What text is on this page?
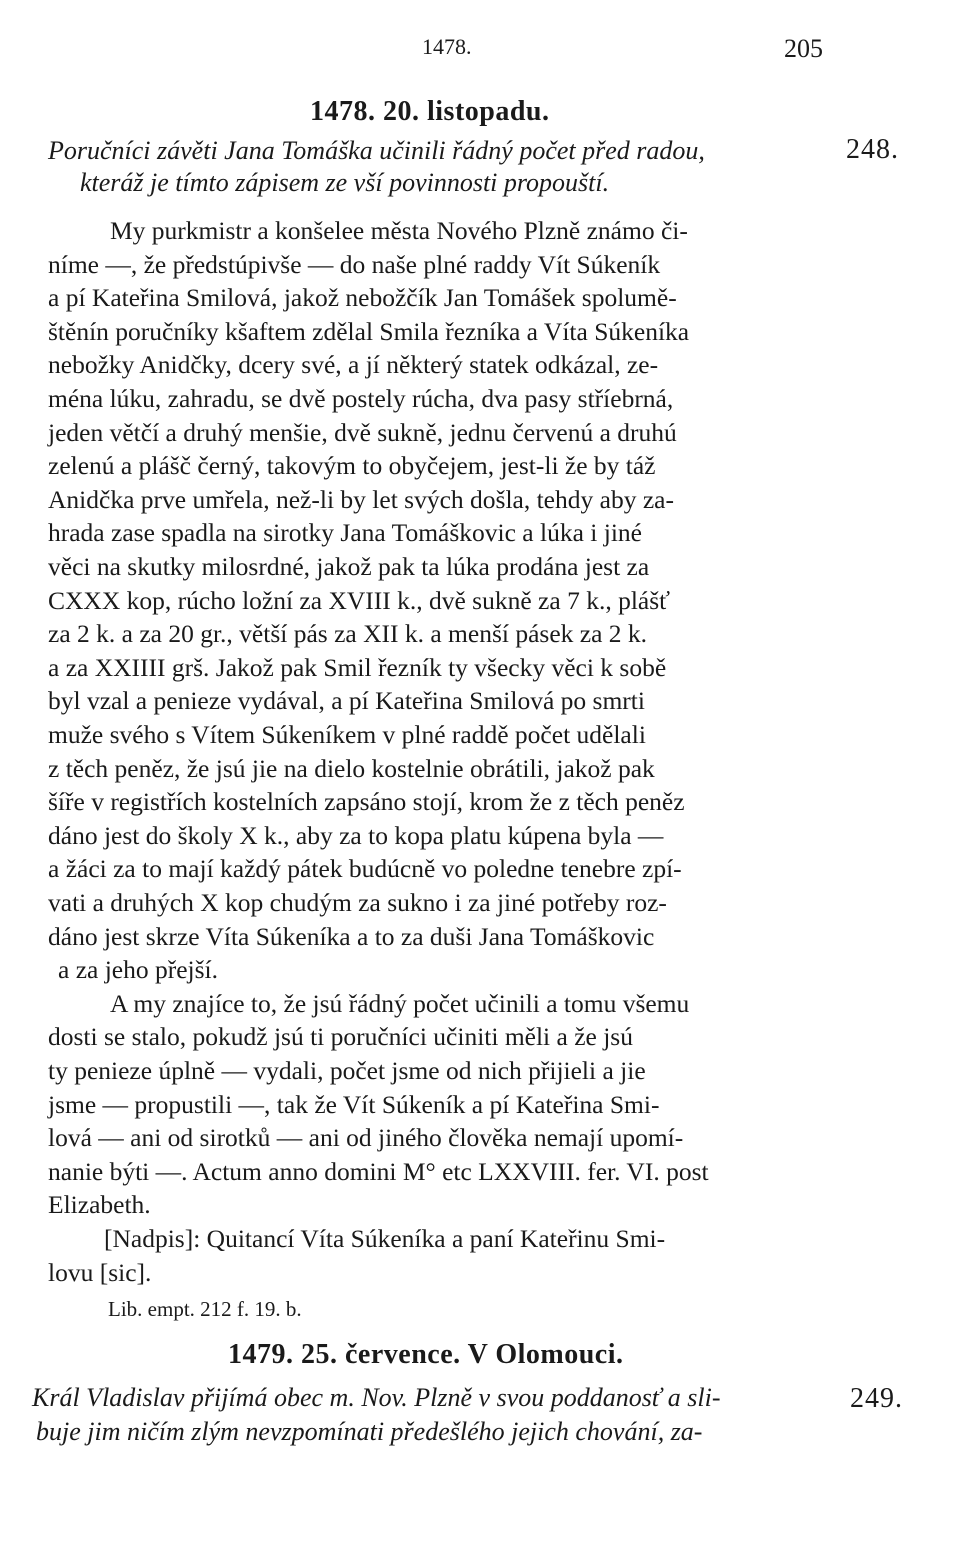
1478.	205
1478. 20. listopadu.
248.
Poručníci závěti Jana Tomáška učinili řádný počet před radou,
kteráž je tímto zápisem ze vší povinnosti propouští.
My purkmistr a konšelee města Nového Plzně známo či-
níme —, že předstúpivše — do naše plné raddy Vít Súkeník
a pí Kateřina Smilová, jakož nebožčík Jan Tomášek spolumě-
štěnín poručníky kšaftem zdělal Smila řezníka a Víta Súkeníka
nebožky Anidčky, dcery své, a jí některý statek odkázal, ze-
ména lúku, zahradu, se dvě postely rúcha, dva pasy stříebrná,
jeden větčí a druhý menšie, dvě sukně, jednu červenú a druhú
zelenú a plášč černý, takovým to obyčejem, jest-li že by táž
Anidčka prve umřela, než-li by let svých došla, tehdy aby za-
hrada zase spadla na sirotky Jana Tomáškovic a lúka i jiné
věci na skutky milosrdné, jakož pak ta lúka prodána jest za
CXXX kop, rúcho ložní za XVIII k., dvě sukně za 7 k., plášť
za 2 k. a za 20 gr., větší pás za XII k. a menší pásek za 2 k.
a za XXIIII grš. Jakož pak Smil řezník ty všecky věci k sobě
byl vzal a penieze vydával, a pí Kateřina Smilová po smrti
muže svého s Vítem Súkeníkem v plné raddě počet udělali
z těch peněz, že jsú jie na dielo kostelnie obrátili, jakož pak
šíře v registřích kostelních zapsáno stojí, krom že z těch peněz
dáno jest do školy X k., aby za to kopa platu kúpena byla —
a žáci za to mají každý pátek budúcně vo poledne tenebre zpí-
vati a druhých X kop chudým za sukno i za jiné potřeby roz-
dáno jest skrze Víta Súkeníka a to za duši Jana Tomáškovic
a za jeho přejší.
A my znajíce to, že jsú řádný počet učinili a tomu všemu
dosti se stalo, pokudž jsú ti poručníci učiniti měli a že jsú
ty penieze úplně — vydali, počet jsme od nich přijieli a jie
jsme — propustili —, tak že Vít Súkeník a pí Kateřina Smi-
lová — ani od sirotků — ani od jiného člověka nemají upomí-
nanie býti —. Actum anno domini M° etc LXXVIII. fer. VI. post
Elizabeth.
[Nadpis]: Quitancí Víta Súkeníka a paní Kateřinu Smi-
lovu [sic].
1479. 25. července. V Olomouci.
249.
Král Vladislav přijímá obec m. Nov. Plzně v svou poddanosť a sli-
buje jim ničím zlým nevzpomínati předešlého jejich chování, za-
Lib. empt. 212 f. 19. b.
